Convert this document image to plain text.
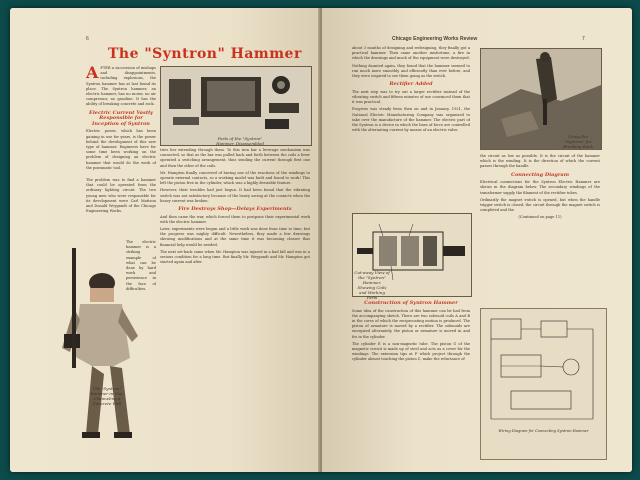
6
The "Syntron" Hammer

AFTER a succession of mishaps and disappointments, including explosions, the Syntron hammer has at last found its place. The Syntron hammer, an electric hammer, has no motor, no air compressor, no gasoline. It has the ability of breaking concrete and rock.

Electric Current Vastly Responsible for Inception of Syntron

Electric power, which has been gaining in use for years, is the power behind the development of this new type of hammer. Engineers have for some time been working on the problem of designing an electric hammer that would do the work of the pneumatic tool.

The problem was to find a hammer that could be operated from the ordinary lighting circuit. The two young men who were responsible for its development were Carl Mattson and Donald Weygandt of the Chicago Engineering Works.

The electric hammer is a striking example of what can be done by hard work and persistence in the face of difficulties.

Parts of the "Syntron" Hammer, Disassembled

tries her extending through them. To this iron bar a leverage mechanism was connected, so that as the bar was pulled back and forth between the coils a lever operated a switching arrangement, thus sending the current through first one and then the other of the coils.

Mr. Hampton finally conceived of having one of the reactions of the windings to operate external contacts, so a working model was built and found to work! This left the piston free in the cylinder, which was a highly desirable feature.

However, their troubles had just begun. It had been found that the vibrating switch was not satisfactory because of the heavy arcing at the contacts when the heavy current was broken.

Fire Destroys Shop—Delays Experiments

And then came the war, which forced them to postpone their experimental work with the electric hammer.

Later, experiments were begun and a little work was done from time to time, but the progress was mighty difficult. Nevertheless, they made a few drawings showing modifications and at the same time it was becoming clearer that financial help would be needed.

The next set-back came when Mr. Hampton was injured in a bad fall and was in a serious condition for a long time. But finally Mr. Weygandt and Mr. Hampton got started again and after

The "Syntron" Hammer in Use, Channeling a Concrete Wall
Chicago Engineering Works Review	7

about 3 months of designing and redesigning, they finally got a practical hammer. Then came another misfortune, a fire in which the drawings and much of the equipment were destroyed.

Nothing daunted again, they found that the hammer seemed to run much more smoothly and efficiently than ever before, and they were inspired to see them going as the switch.

Rectifier Added

The next step was to try out a larger rectifier instead of the vibrating switch and fifteen minutes of use convinced them that it was practical.

Progress was steady from then on and in January, 1921, the National Electric Manufacturing Company was organized to take over the manufacture of the hammer. The electric part of the Syntron is a device in which the lines of force are controlled with the alternating current by means of an electric valve.

Cut-away View of the "Syntron" Hammer, Showing Coils and Working Parts
Construction of Syntron Hammer

Some idea of the construction of this hammer can be had from the accompanying sketch. There are two solenoid coils A and B in the cores of which the reciprocating motion is produced. The piston of armature is moved by a rectifier. The solenoids are energized alternately, the piston or armature is moved in and fro in the cylinder.

The cylinder E is a non-magnetic tube. The piston G of the magnetic circuit is made up of steel and acts as a cover for the windings. The extension tips at F which project through the cylinder almost touching the piston C, make the reluctance of

Using the "Syntron" for Breaking Rock

the circuit as low as possible. It is the circuit of the hammer which is the winding. It is the direction of which the current passes through the handle.

Connecting Diagram

Electrical connections for the Syntron Electric Hammer are shown in the diagram below. The secondary windings of the transformer supply the filament of the rectifier tubes.

Ordinarily the magnet switch is opened, but when the handle trigger switch is closed, the circuit through the magnet switch is completed and the

(Continued on page 11)

Wiring Diagram for Connecting Syntron Hammer
